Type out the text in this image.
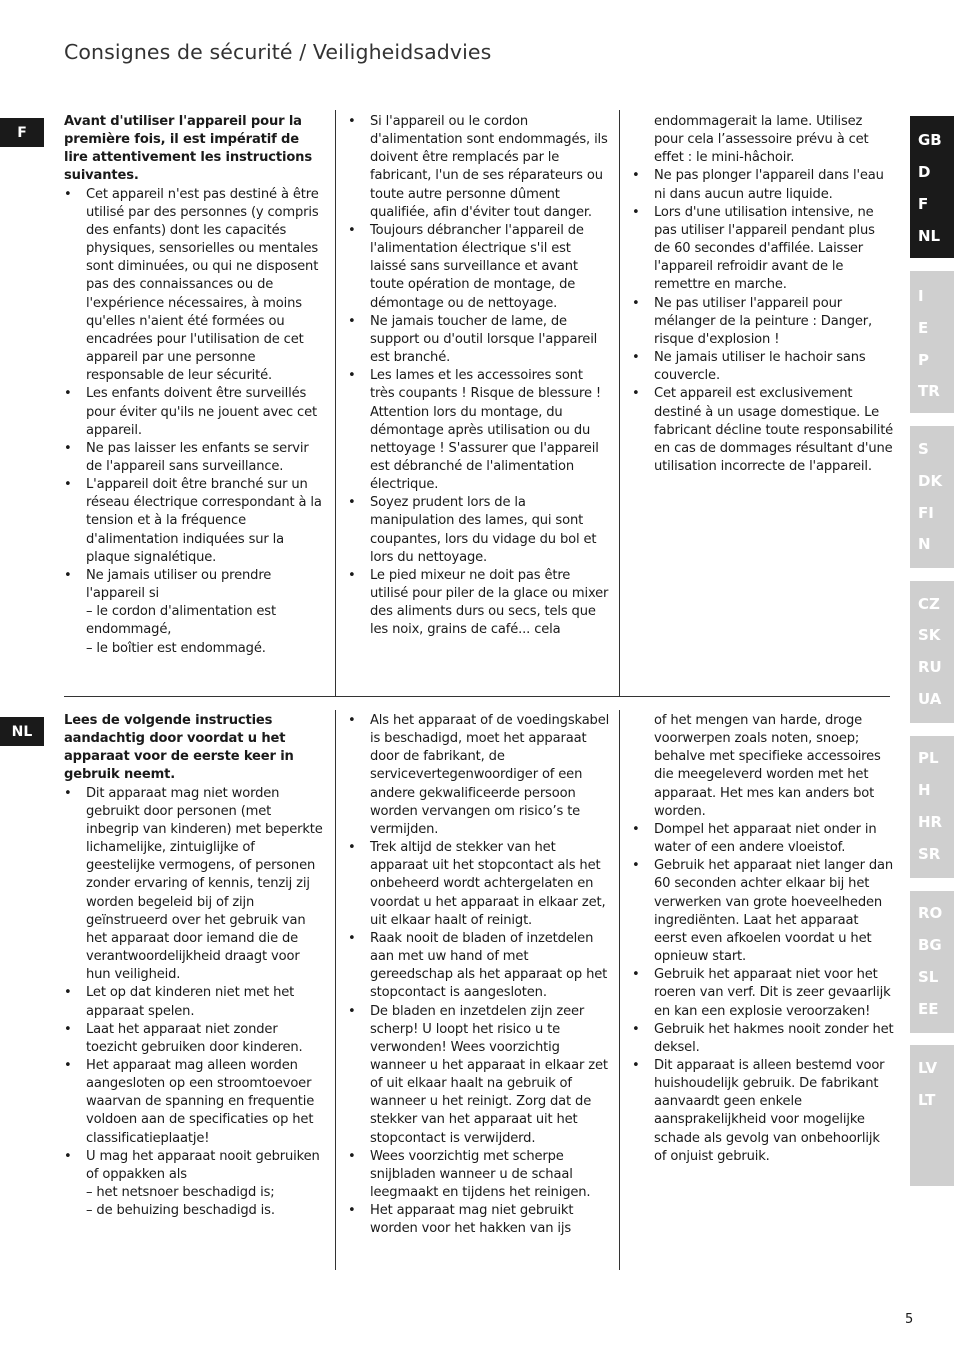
Consignes de sécurité / Veiligheidsadvies
F

Avant d'utiliser l'appareil pour la première fois, il est impératif de lire attentivement les instructions suivantes.

• Cet appareil n'est pas destiné à être utilisé par des personnes (y compris des enfants) dont les capacités physiques, sensorielles ou mentales sont diminuées, ou qui ne disposent pas des connaissances ou de l'expérience nécessaires, à moins qu'elles n'aient été formées ou encadrées pour l'utilisation de cet appareil par une personne responsable de leur sécurité.
• Les enfants doivent être surveillés pour éviter qu'ils ne jouent avec cet appareil.
• Ne pas laisser les enfants se servir de l'appareil sans surveillance.
• L'appareil doit être branché sur un réseau électrique correspondant à la tension et à la fréquence d'alimentation indiquées sur la plaque signalétique.
• Ne jamais utiliser ou prendre l'appareil si
– le cordon d'alimentation est endommagé,
– le boîtier est endommagé.
• Si l'appareil ou le cordon d'alimentation sont endommagés, ils doivent être remplacés par le fabricant, l'un de ses réparateurs ou toute autre personne dûment qualifiée, afin d'éviter tout danger.
• Toujours débrancher l'appareil de l'alimentation électrique s'il est laissé sans surveillance et avant toute opération de montage, de démontage ou de nettoyage.
• Ne jamais toucher de lame, de support ou d'outil lorsque l'appareil est branché.
• Les lames et les accessoires sont très coupants ! Risque de blessure ! Attention lors du montage, du démontage après utilisation ou du nettoyage ! S'assurer que l'appareil est débranché de l'alimentation électrique.
• Soyez prudent lors de la manipulation des lames, qui sont coupantes, lors du vidage du bol et lors du nettoyage.
• Le pied mixeur ne doit pas être utilisé pour piler de la glace ou mixer des aliments durs ou secs, tels que les noix, grains de café... cela

endommagerait la lame. Utilisez pour cela l’assessoire prévu à cet effet : le mini-hâchoir.

• Ne pas plonger l'appareil dans l'eau ni dans aucun autre liquide.
• Lors d'une utilisation intensive, ne pas utiliser l'appareil pendant plus de 60 secondes d'affilée. Laisser l'appareil refroidir avant de le remettre en marche.
• Ne pas utiliser l'appareil pour mélanger de la peinture : Danger, risque d'explosion !
• Ne jamais utiliser le hachoir sans couvercle.
• Cet appareil est exclusivement destiné à un usage domestique. Le fabricant décline toute responsabilité en cas de dommages résultant d'une utilisation incorrecte de l'appareil.
NL

Lees de volgende instructies aandachtig door voordat u het apparaat voor de eerste keer in gebruik neemt.

• Dit apparaat mag niet worden gebruikt door personen (met inbegrip van kinderen) met beperkte lichamelijke, zintuiglijke of geestelijke vermogens, of personen zonder ervaring of kennis, tenzij zij worden begeleid bij of zijn geïnstrueerd over het gebruik van het apparaat door iemand die de verantwoordelijkheid draagt voor hun veiligheid.
• Let op dat kinderen niet met het apparaat spelen.
• Laat het apparaat niet zonder toezicht gebruiken door kinderen.
• Het apparaat mag alleen worden aangesloten op een stroomtoevoer waarvan de spanning en frequentie voldoen aan de specificaties op het classificatieplaatje!
• U mag het apparaat nooit gebruiken of oppakken als
– het netsnoer beschadigd is;
– de behuizing beschadigd is.
• Als het apparaat of de voedingskabel is beschadigd, moet het apparaat door de fabrikant, de servicevertegenwoordiger of een andere gekwalificeerde persoon worden vervangen om risico’s te vermijden.
• Trek altijd de stekker van het apparaat uit het stopcontact als het onbeheerd wordt achtergelaten en voordat u het apparaat in elkaar zet, uit elkaar haalt of reinigt.
• Raak nooit de bladen of inzetdelen aan met uw hand of met gereedschap als het apparaat op het stopcontact is aangesloten.
• De bladen en inzetdelen zijn zeer scherp! U loopt het risico u te verwonden! Wees voorzichtig wanneer u het apparaat in elkaar zet of uit elkaar haalt na gebruik of wanneer u het reinigt. Zorg dat de stekker van het apparaat uit het stopcontact is verwijderd.
• Wees voorzichtig met scherpe snijbladen wanneer u de schaal leegmaakt en tijdens het reinigen.
• Het apparaat mag niet gebruikt worden voor het hakken van ijs

of het mengen van harde, droge voorwerpen zoals noten, snoep; behalve met specifieke accessoires die meegeleverd worden met het apparaat. Het mes kan anders bot worden.

• Dompel het apparaat niet onder in water of een andere vloeistof.
• Gebruik het apparaat niet langer dan 60 seconden achter elkaar bij het verwerken van grote hoeveelheden ingrediënten. Laat het apparaat eerst even afkoelen voordat u het opnieuw start.
• Gebruik het apparaat niet voor het roeren van verf. Dit is zeer gevaarlijk en kan een explosie veroorzaken!
• Gebruik het hakmes nooit zonder het deksel.
• Dit apparaat is alleen bestemd voor huishoudelijk gebruik. De fabrikant aanvaardt geen enkele aansprakelijkheid voor mogelijke schade als gevolg van onbehoorlijk of onjuist gebruik.
GB
D
F
NL
I
E
P
TR
S
DK
FI
N
CZ
SK
RU
UA
PL
H
HR
SR
RO
BG
SL
EE
LV
LT
5
